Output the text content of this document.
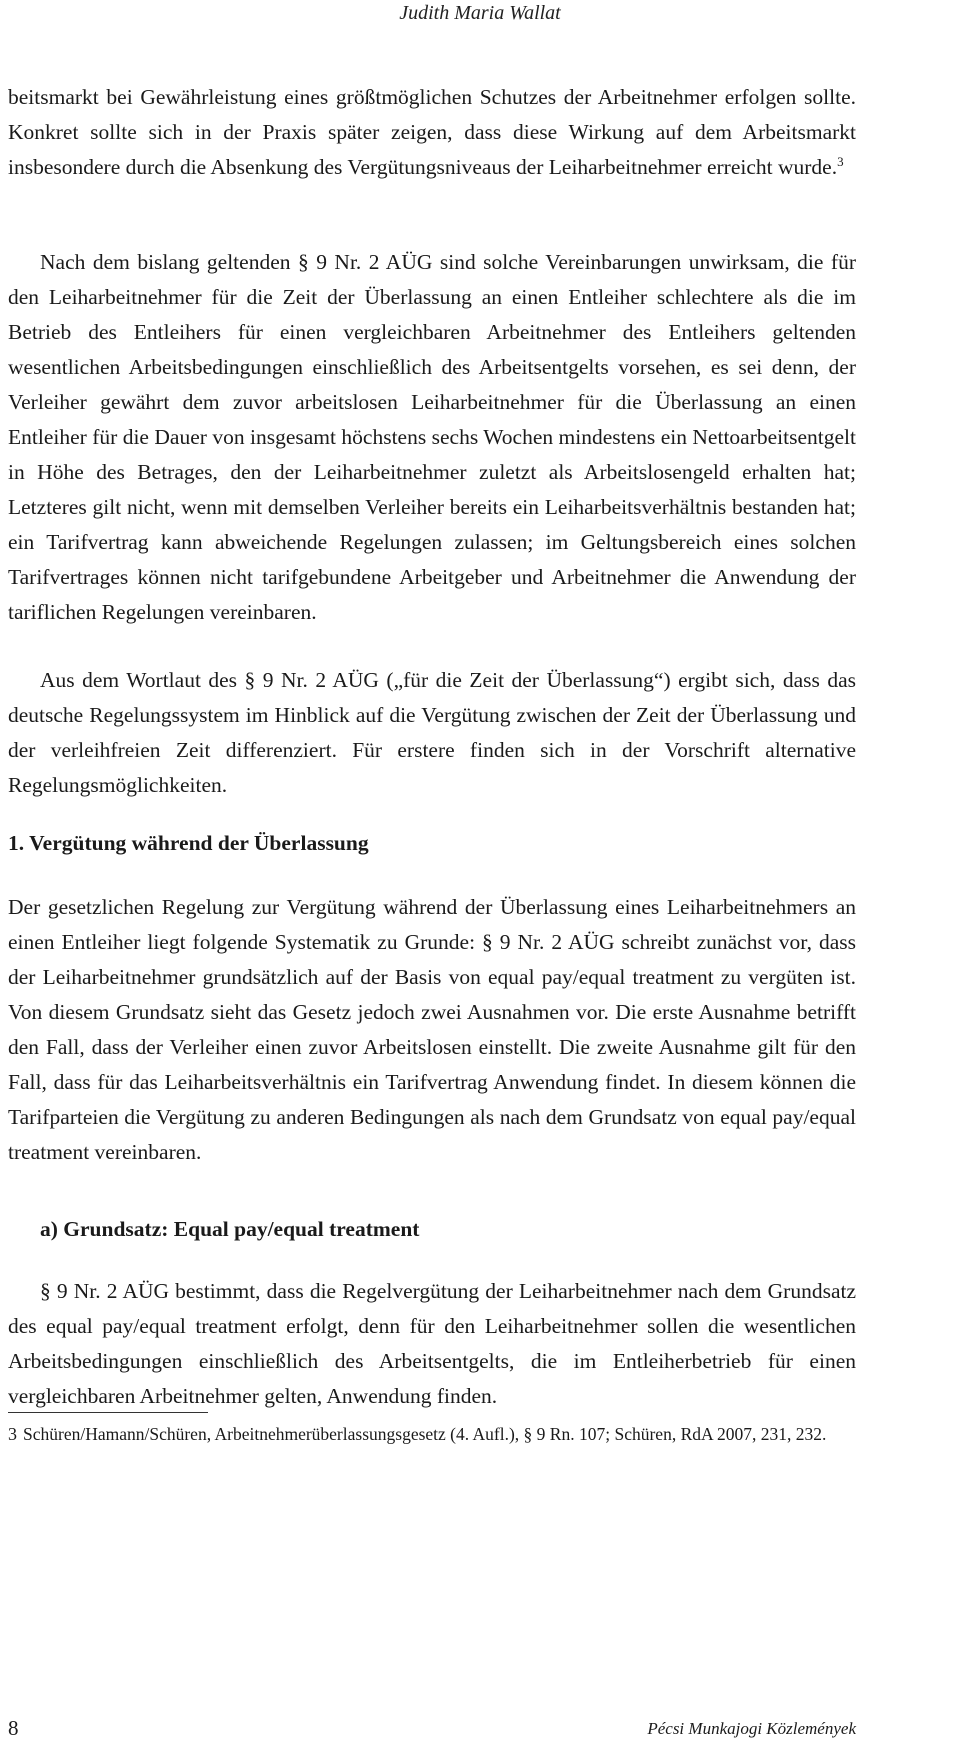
Judith Maria Wallat

beitsmarkt bei Gewährleistung eines größtmöglichen Schutzes der Arbeitnehmer erfolgen sollte. Konkret sollte sich in der Praxis später zeigen, dass diese Wirkung auf dem Arbeitsmarkt insbesondere durch die Absenkung des Vergütungsniveaus der Leiharbeitnehmer erreicht wurde.$^3$

Nach dem bislang geltenden § 9 Nr. 2 AÜG sind solche Vereinbarungen unwirksam, die für den Leiharbeitnehmer für die Zeit der Überlassung an einen Entleiher schlechtere als die im Betrieb des Entleihers für einen vergleichbaren Arbeitnehmer des Entleihers geltenden wesentlichen Arbeitsbedingungen einschließlich des Arbeitsentgelts vorsehen, es sei denn, der Verleiher gewährt dem zuvor arbeitslosen Leiharbeitnehmer für die Überlassung an einen Entleiher für die Dauer von insgesamt höchstens sechs Wochen mindestens ein Nettoarbeitsentgelt in Höhe des Betrages, den der Leiharbeitnehmer zuletzt als Arbeitslosengeld erhalten hat; Letzteres gilt nicht, wenn mit demselben Verleiher bereits ein Leiharbeitsverhältnis bestanden hat; ein Tarifvertrag kann abweichende Regelungen zulassen; im Geltungsbereich eines solchen Tarifvertrages können nicht tarifgebundene Arbeitgeber und Arbeitnehmer die Anwendung der tariflichen Regelungen vereinbaren.

Aus dem Wortlaut des § 9 Nr. 2 AÜG („für die Zeit der Überlassung“) ergibt sich, dass das deutsche Regelungssystem im Hinblick auf die Vergütung zwischen der Zeit der Überlassung und der verleihfreien Zeit differenziert. Für erstere finden sich in der Vorschrift alternative Regelungsmöglichkeiten.

1. Vergütung während der Überlassung

Der gesetzlichen Regelung zur Vergütung während der Überlassung eines Leiharbeitnehmers an einen Entleiher liegt folgende Systematik zu Grunde: § 9 Nr. 2 AÜG schreibt zunächst vor, dass der Leiharbeitnehmer grundsätzlich auf der Basis von equal pay/equal treatment zu vergüten ist. Von diesem Grundsatz sieht das Gesetz jedoch zwei Ausnahmen vor. Die erste Ausnahme betrifft den Fall, dass der Verleiher einen zuvor Arbeitslosen einstellt. Die zweite Ausnahme gilt für den Fall, dass für das Leiharbeitsverhältnis ein Tarifvertrag Anwendung findet. In diesem können die Tarifparteien die Vergütung zu anderen Bedingungen als nach dem Grundsatz von equal pay/equal treatment vereinbaren.

a) Grundsatz: Equal pay/equal treatment

§ 9 Nr. 2 AÜG bestimmt, dass die Regelvergütung der Leiharbeitnehmer nach dem Grundsatz des equal pay/equal treatment erfolgt, denn für den Leiharbeitnehmer sollen die wesentlichen Arbeitsbedingungen einschließlich des Arbeitsentgelts, die im Entleiherbetrieb für einen vergleichbaren Arbeitnehmer gelten, Anwendung finden.

3 Schüren/Hamann/Schüren, Arbeitnehmerüberlassungsgesetz (4. Aufl.), § 9 Rn. 107; Schüren, RdA 2007, 231, 232.
8	Pécsi Munkajogi Közlemények
